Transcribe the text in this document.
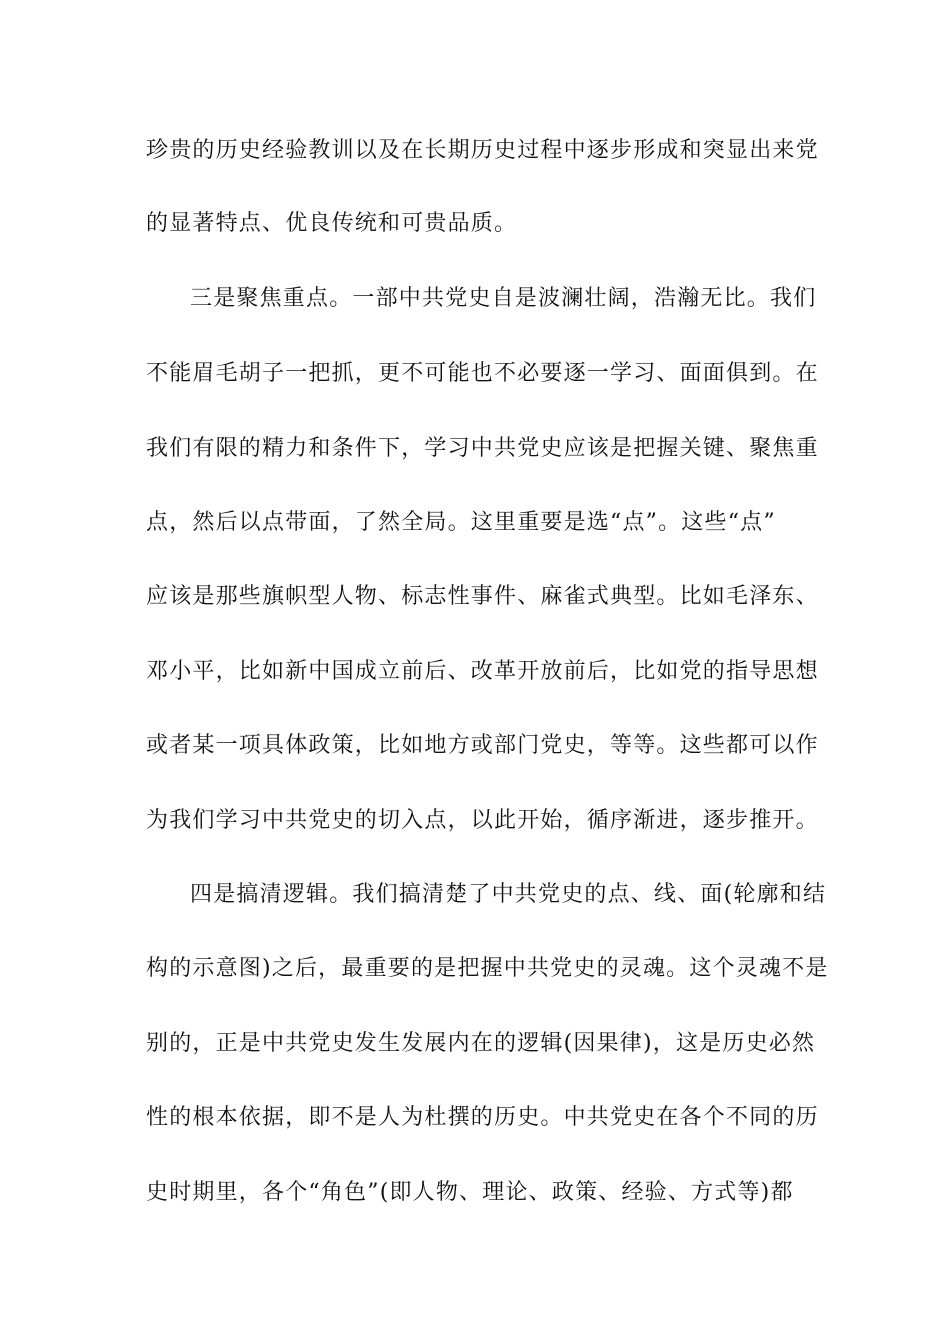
珍贵的历史经验教训以及在长期历史过程中逐步形成和突显出来党
的显著特点、优良传统和可贵品质。
三是聚焦重点。一部中共党史自是波澜壮阔，浩瀚无比。我们
不能眉毛胡子一把抓，更不可能也不必要逐一学习、面面俱到。在
我们有限的精力和条件下，学习中共党史应该是把握关键、聚焦重
点，然后以点带面，了然全局。这里重要是选“点”。这些“点”
应该是那些旗帜型人物、标志性事件、麻雀式典型。比如毛泽东、
邓小平，比如新中国成立前后、改革开放前后，比如党的指导思想
或者某一项具体政策，比如地方或部门党史，等等。这些都可以作
为我们学习中共党史的切入点，以此开始，循序渐进，逐步推开。
四是搞清逻辑。我们搞清楚了中共党史的点、线、面(轮廓和结
构的示意图)之后，最重要的是把握中共党史的灵魂。这个灵魂不是
别的，正是中共党史发生发展内在的逻辑(因果律)，这是历史必然
性的根本依据，即不是人为杜撰的历史。中共党史在各个不同的历
史时期里，各个“角色”(即人物、理论、政策、经验、方式等)都
